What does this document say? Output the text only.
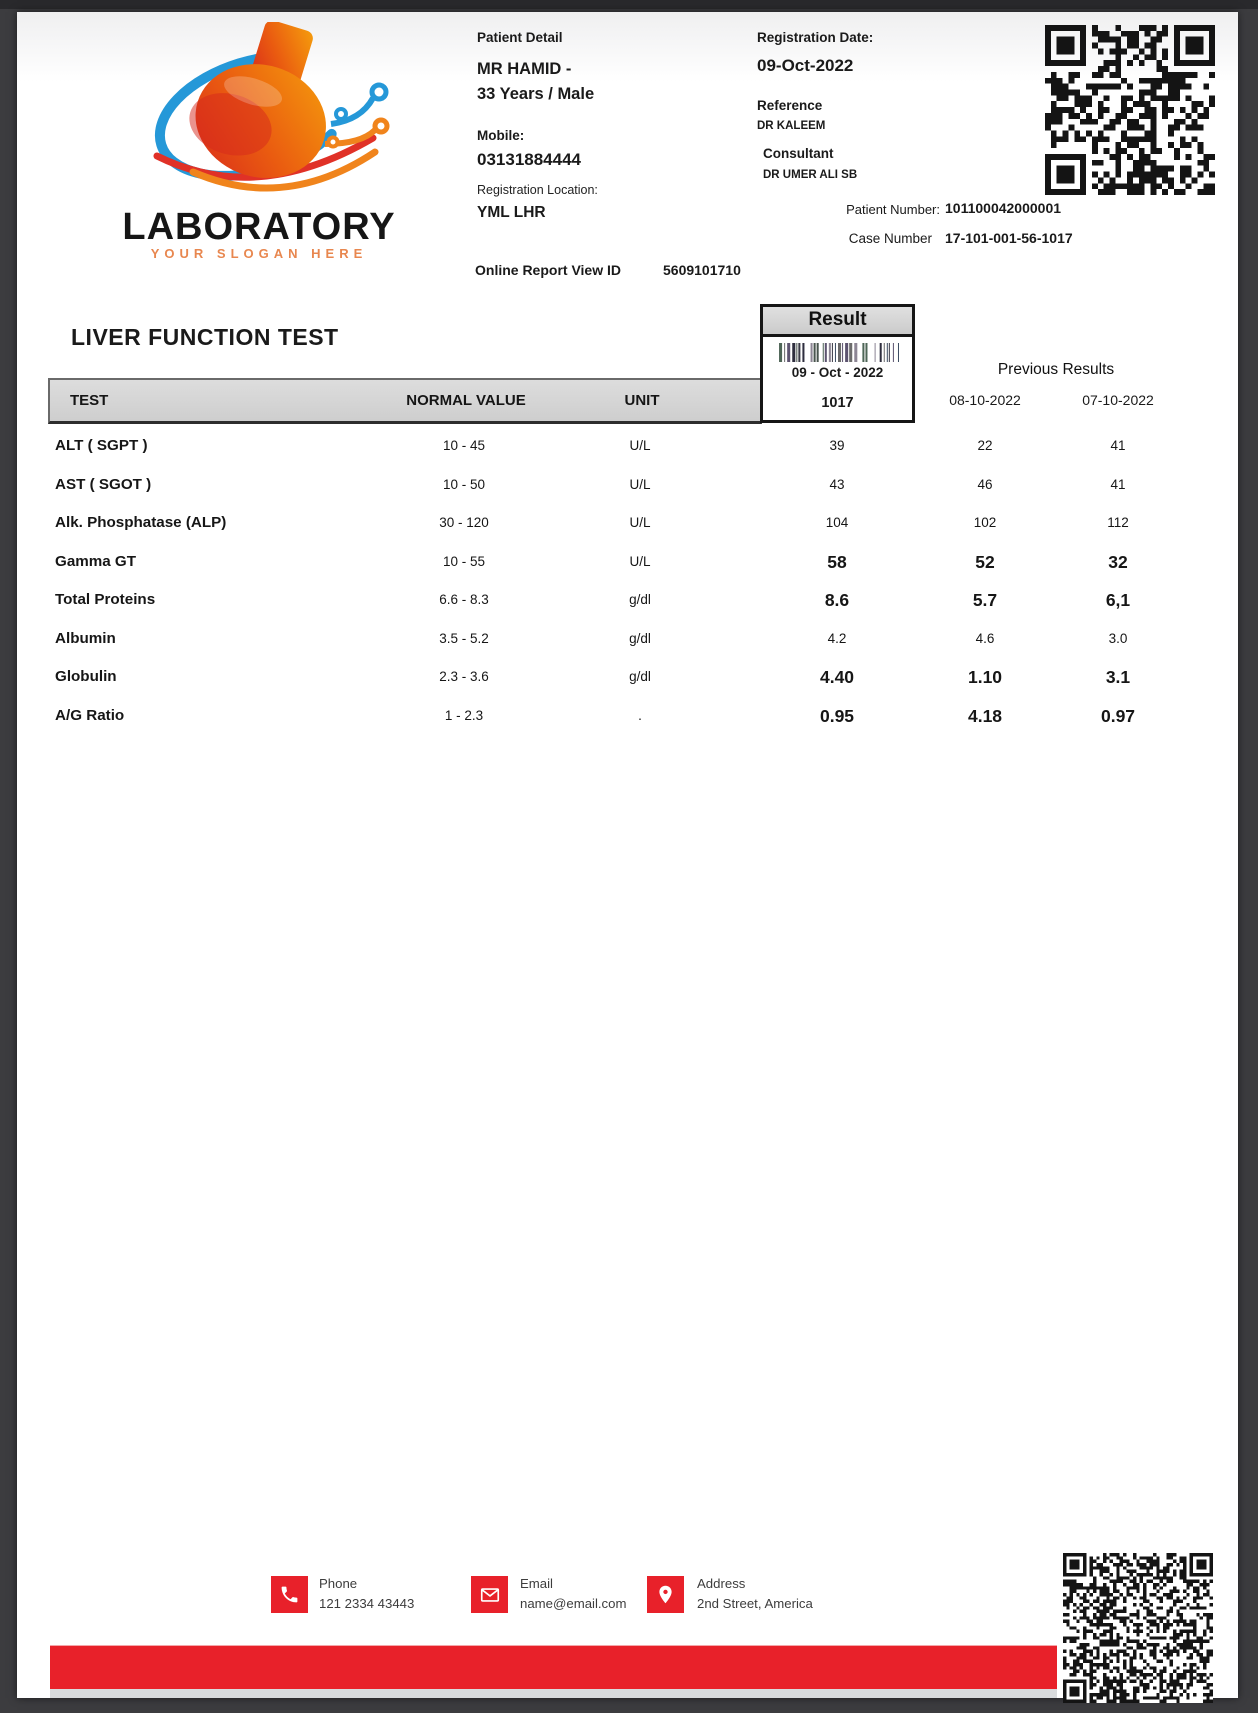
LABORATORY
YOUR SLOGAN HERE
Patient Detail
MR HAMID -
33 Years / Male
Mobile:
03131884444
Registration Location:
YML LHR
Online Report View ID	5609101710
Registration Date:
09-Oct-2022
Reference
DR KALEEM
Consultant
DR UMER ALI SB
Patient Number: 101100042000001
Case Number 17-101-001-56-1017
LIVER FUNCTION TEST
TEST	NORMAL VALUE	UNIT
Result
09 - Oct - 2022
1017
Previous Results
08-10-2022	07-10-2022
ALT ( SGPT )	10 - 45	U/L	39	22	41
AST ( SGOT )	10 - 50	U/L	43	46	41
Alk. Phosphatase (ALP)	30 - 120	U/L	104	102	112
Gamma GT	10 - 55	U/L	58	52	32
Total Proteins	6.6 - 8.3	g/dl	8.6	5.7	6,1
Albumin	3.5 - 5.2	g/dl	4.2	4.6	3.0
Globulin	2.3 - 3.6	g/dl	4.40	1.10	3.1
A/G Ratio	1 - 2.3	.	0.95	4.18	0.97
Phone
121 2334 43443
Email
name@email.com
Address
2nd Street, America
